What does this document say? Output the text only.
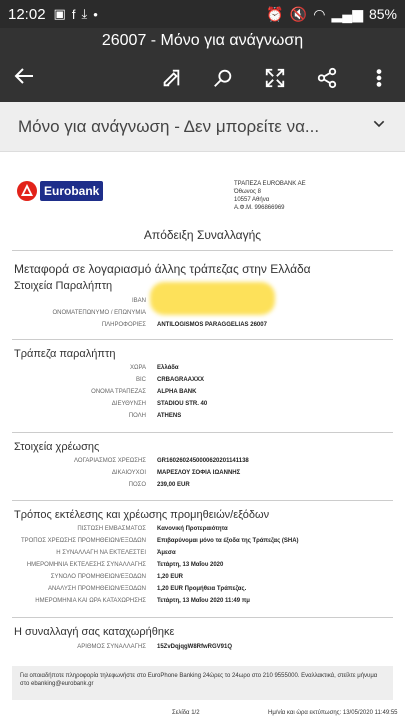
12:02 ▣ f ⤓ •	⏰ 🔇 ◠ ▂▄▆ 85%
26007 - Μόνο για ανάγνωση
Μόνο για ανάγνωση - Δεν μπορείτε να...
Eurobank	ΤΡΑΠΕΖΑ EUROBANK AE
Όθωνος 8
10557 Αθήνα
Α.Φ.Μ. 996866969
Απόδειξη Συναλλαγής
Μεταφορά σε λογαριασμό άλλης τράπεζας στην Ελλάδα
Στοιχεία Παραλήπτη
IBAN
ΟΝΟΜΑΤΕΠΩΝΥΜΟ / ΕΠΩΝΥΜΙΑ
ΠΛΗΡΟΦΟΡΙΕΣ	ANTILOGISMOS PARAGGELIAS 26007
Τράπεζα παραλήπτη
ΧΩΡΑ	Ελλάδα
BIC	CRBAGRAAXXX
ΟΝΟΜΑ ΤΡΑΠΕΖΑΣ	ALPHA BANK
ΔΙΕΥΘΥΝΣΗ	STADIOU STR. 40
ΠΟΛΗ	ATHENS
Στοιχεία χρέωσης
ΛΟΓΑΡΙΑΣΜΟΣ ΧΡΕΩΣΗΣ	GR1602602450000620201141138
ΔΙΚΑΙΟΥΧΟΙ	ΜΑΡΕΣΛΟΥ ΣΟΦΙΑ ΙΩΑΝΝΗΣ
ΠΟΣΟ	239,00 EUR
Τρόπος εκτέλεσης και χρέωσης προμηθειών/εξόδων
ΠΙΣΤΩΣΗ ΕΜΒΑΣΜΑΤΟΣ	Κανονική Προτεραιότητα
ΤΡΟΠΟΣ ΧΡΕΩΣΗΣ ΠΡΟΜΗΘΕΙΩΝ/ΕΞΟΔΩΝ	Επιβαρύνομαι μόνο τα έξοδα της Τράπεζας (SHA)
Η ΣΥΝΑΛΛΑΓΗ ΝΑ ΕΚΤΕΛΕΣΤΕΙ	Άμεσα
ΗΜΕΡΟΜΗΝΙΑ ΕΚΤΕΛΕΣΗΣ ΣΥΝΑΛΛΑΓΗΣ	Τετάρτη, 13 Μαΐου 2020
ΣΥΝΟΛΟ ΠΡΟΜΗΘΕΙΩΝ/ΕΞΟΔΩΝ	1,20 EUR
ΑΝΑΛΥΣΗ ΠΡΟΜΗΘΕΙΩΝ/ΕΞΟΔΩΝ	1,20 EUR Προμήθεια Τράπεζας.
ΗΜΕΡΟΜΗΝΙΑ ΚΑΙ ΩΡΑ ΚΑΤΑΧΩΡΗΣΗΣ	Τετάρτη, 13 Μαΐου 2020 11:49 πμ
Η συναλλαγή σας καταχωρήθηκε
ΑΡΙΘΜΟΣ ΣΥΝΑΛΛΑΓΗΣ	15ZvDqjqgW8RfwRGV91Q
Για οποιαδήποτε πληροφορία τηλεφωνήστε στο EuroPhone Banking 24ώρες το 24ωρο στο 210 9555000. Εναλλακτικά, στείλτε μήνυμα στο ebanking@eurobank.gr
Σελίδα 1/2	Ημ/νία και ώρα εκτύπωσης: 13/05/2020 11:49:55
